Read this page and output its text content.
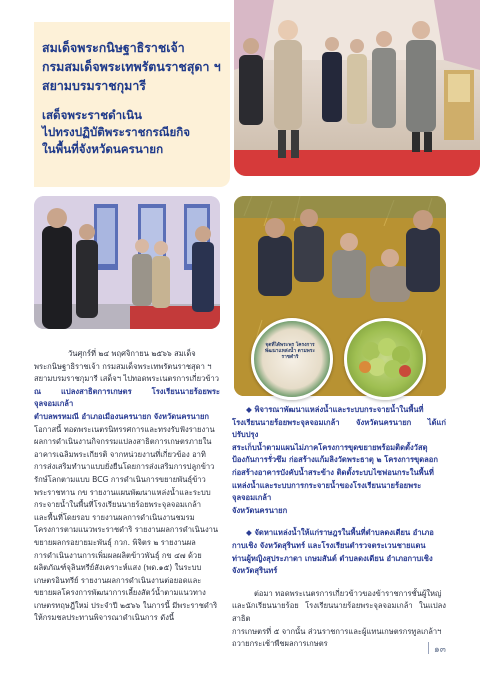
สมเด็จพระกนิษฐาธิราชเจ้า
กรมสมเด็จพระเทพรัตนราชสุดา ฯ
สยามบรมราชกุมารี
เสด็จพระราชดำเนิน
ไปทรงปฏิบัติพระราชกรณียกิจ
ในพื้นที่จังหวัดนครนายก
จุดที่ได้พระพร โครงการพัฒนาแหล่งน้ำ ตามพระราชดำริ
วันศุกร์ที่ ๒๔ พฤศจิกายน ๒๕๖๖ สมเด็จ
พระกนิษฐาธิราชเจ้า กรมสมเด็จพระเทพรัตนราชสุดา ฯ
สยามบรมราชกุมารี เสด็จฯ ไปทอดพระเนตรการเกี่ยวข้าว
ณ แปลงสาธิตการเกษตร โรงเรียนนายร้อยพระจุลจอมเกล้า
ตำบลพรหมณี อำเภอเมืองนครนายก จังหวัดนครนายก
โอกาสนี้ ทอดพระเนตรนิทรรศการและทรงรับฟังรายงาน
ผลการดำเนินงานกิจกรรมแปลงสาธิตการเกษตรภายใน
อาคารเฉลิมพระเกียรติ จากหน่วยงานที่เกี่ยวข้อง อาทิ
การส่งเสริมทำนาแบบยั่งยืนโดยการส่งเสริมการปลูกข้าว
รักษ์โลกตามแบบ BCG การดำเนินการขยายพันธุ์ข้าว
พระราชทาน กข รายงานแผนพัฒนาแหล่งน้ำและระบบ
กระจายน้ำในพื้นที่โรงเรียนนายร้อยพระจุลจอมเกล้า
และพื้นที่โดยรอบ รายงานผลการดำเนินงานชมรม
โครงการตามแนวพระราชดำริ รายงานผลการดำเนินงาน
ขยายผลกรอยายมะพันธุ์ กวก. พิจิตร ๒ รายงานผล
การดำเนินงานการเพิ่มผลผลิตข้าวพันธุ์ กข ๔๗ ด้วย
ผลิตภัณฑ์จุลินทรีย์สังเคราะห์แสง (พด.๑๕) ในระบบ
เกษตรอินทรีย์ รายงานผลการดำเนินงานต่อยอดและ
ขยายผลโครงการพัฒนาการเลี้ยงสัตว์น้ำตามแนวทาง
เกษตรทฤษฎีใหม่ ประจำปี ๒๕๖๖ ในการนี้ มีพระราชดำริ
ให้กรมชลประทานพิจารณาดำเนินการ ดังนี้
◆ พิจารณาพัฒนาแหล่งน้ำและระบบกระจายน้ำในพื้นที่
โรงเรียนนายร้อยพระจุลจอมเกล้า จังหวัดนครนายก ได้แก่ ปรับปรุง
สระเก็บน้ำตามแผนไม่ภาคโครงการขุดขยายพร้อมติดตั้งวัสดุ
ป้องกันการรั่วซึม ก่อสร้างแก้มลิงวัดพระธาตุ ๒ โครงการขุดลอก
ก่อสร้างอาคารบังคับน้ำสระข้าง ติดตั้งระบบไซฟอนกระในพื้นที่
แหล่งน้ำและระบบการกระจายน้ำของโรงเรียนนายร้อยพระจุลจอมเกล้า
จังหวัดนครนายก
◆ จัดหาแหล่งน้ำให้แก่ราษฎรในพื้นที่ตำบลดงเดียน อำเภอ
กาบเชิง จังหวัดสุรินทร์ และโรงเรียนตำรวจตระเวนชายแดน
ท่านผู้หญิงสุประภาดา เกษมสันต์ ตำบลดงเดียน อำเภอกาบเชิง
จังหวัดสุรินทร์
ต่อมา ทอดพระเนตรการเกี่ยวข้าวของข้าราชการชั้นผู้ใหญ่
และนักเรียนนายร้อย โรงเรียนนายร้อยพระจุลจอมเกล้า ในแปลงสาธิต
การเกษตรที่ ๕ จากนั้น ส่วนราชการและผู้แทนเกษตรกรทูลเกล้าฯ
ถวายกระเช้าพืชผลการเกษตร
๑๓
